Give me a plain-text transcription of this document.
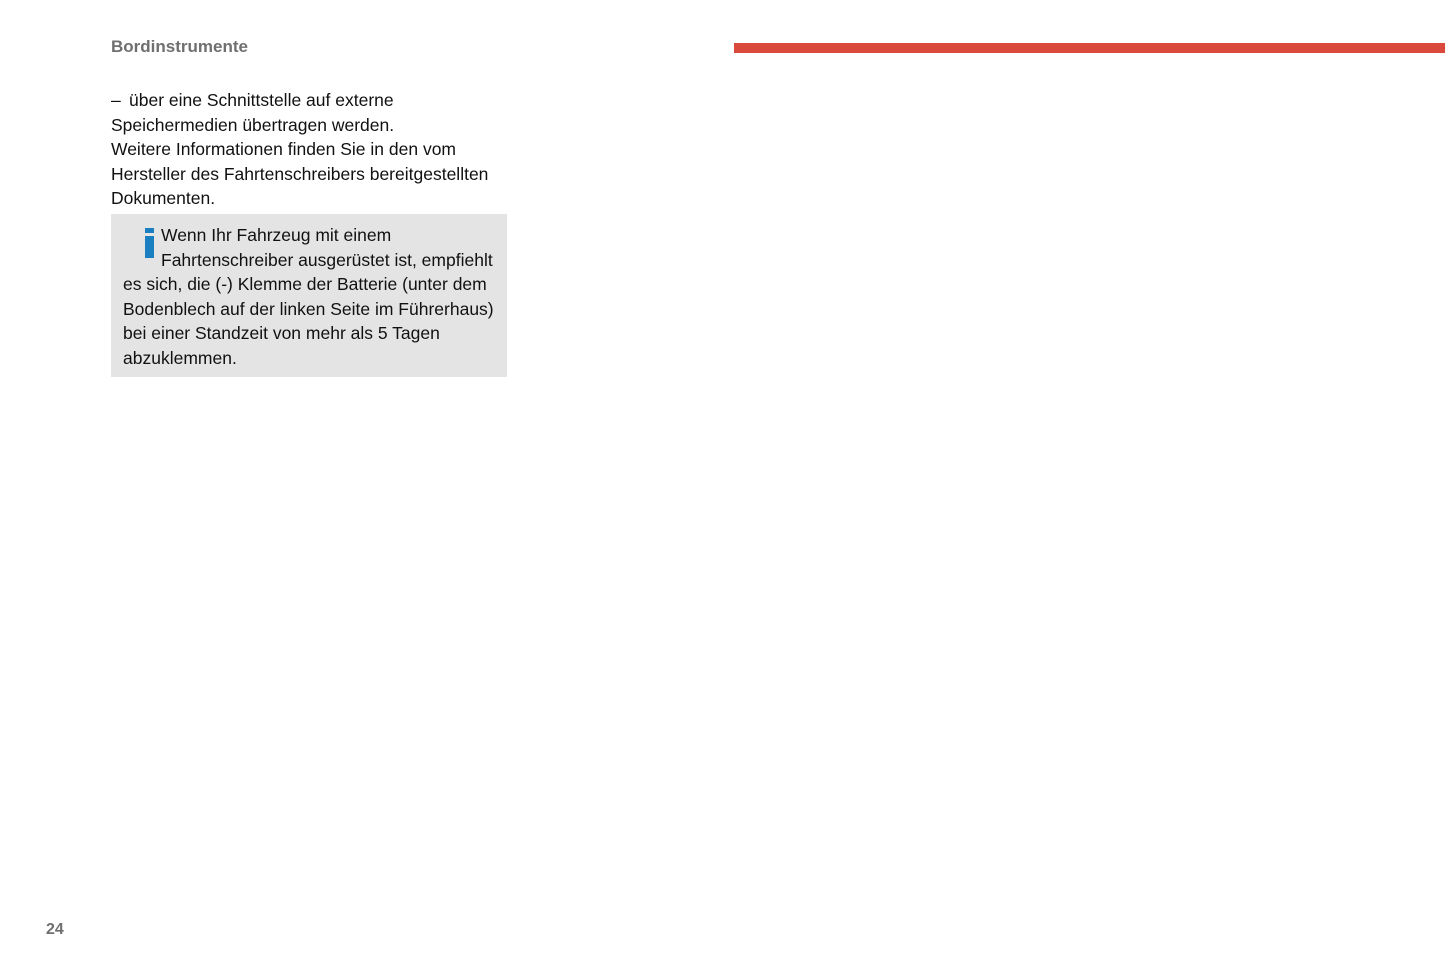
Bordinstrumente

– über eine Schnittstelle auf externe
Speichermedien übertragen werden.

Weitere Informationen finden Sie in den vom Hersteller des Fahrtenschreibers bereitgestellten Dokumenten.

Wenn Ihr Fahrzeug mit einem Fahrtenschreiber ausgerüstet ist, empfiehlt es sich, die (-) Klemme der Batterie (unter dem Bodenblech auf der linken Seite im Führerhaus) bei einer Standzeit von mehr als 5 Tagen abzuklemmen.

24
